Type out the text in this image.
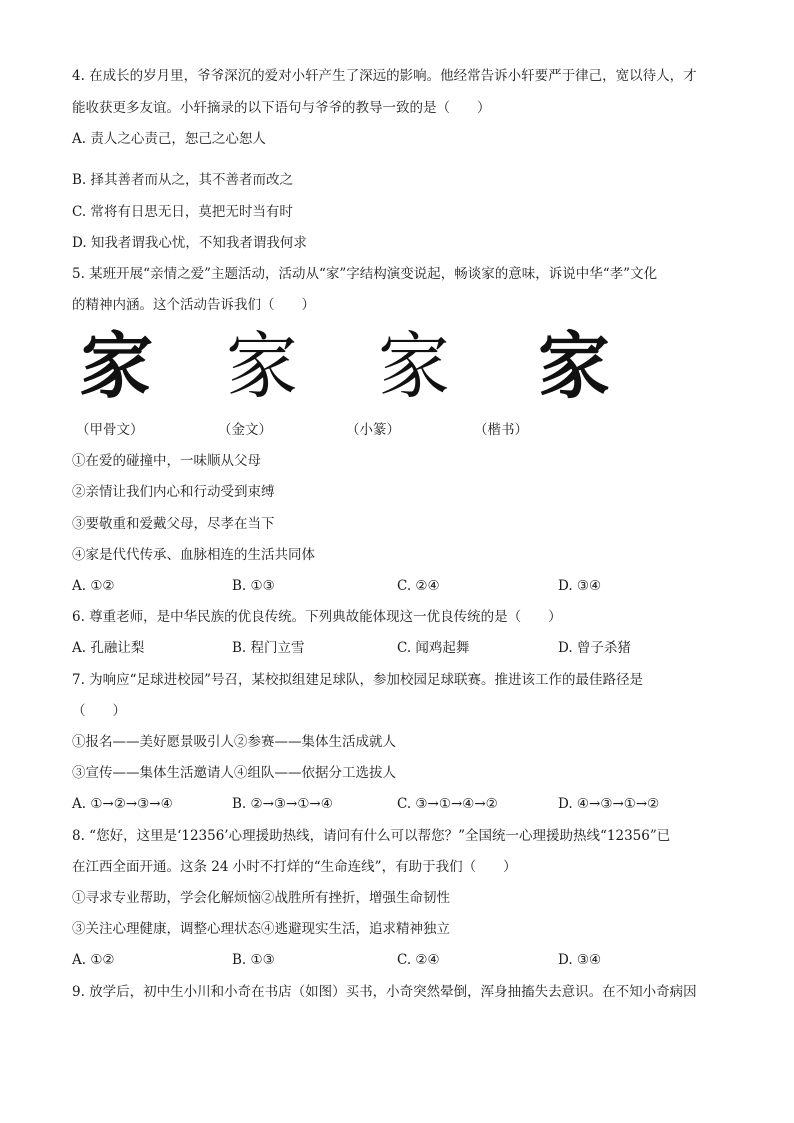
4. 在成长的岁月里，爷爷深沉的爱对小轩产生了深远的影响。他经常告诉小轩要严于律己，宽以待人，才
能收获更多友谊。小轩摘录的以下语句与爷爷的教导一致的是（　　）
A. 责人之心责己，恕己之心恕人
B. 择其善者而从之，其不善者而改之
C. 常将有日思无日，莫把无时当有时
D. 知我者谓我心忧，不知我者谓我何求
5. 某班开展“亲情之爱”主题活动，活动从“家”字结构演变说起，畅谈家的意味，诉说中华“孝”文化
的精神内涵。这个活动告诉我们（　　）
家 家 家 家
（甲骨文）	（金文）	（小篆）	（楷书）
①在爱的碰撞中，一味顺从父母
②亲情让我们内心和行动受到束缚
③要敬重和爱戴父母，尽孝在当下
④家是代代传承、血脉相连的生活共同体
A. ①②	B. ①③	C. ②④	D. ③④
6. 尊重老师，是中华民族的优良传统。下列典故能体现这一优良传统的是（　　）
A. 孔融让梨	B. 程门立雪	C. 闻鸡起舞	D. 曾子杀猪
7. 为响应“足球进校园”号召，某校拟组建足球队，参加校园足球联赛。推进该工作的最佳路径是
（　　）
①报名——美好愿景吸引人②参赛——集体生活成就人
③宣传——集体生活邀请人④组队——依据分工选拔人
A. ①→②→③→④	B. ②→③→①→④	C. ③→①→④→②	D. ④→③→①→②
8. “您好，这里是‘12356’心理援助热线，请问有什么可以帮您？”全国统一心理援助热线“12356”已
在江西全面开通。这条 24 小时不打烊的“生命连线”，有助于我们（　　）
①寻求专业帮助，学会化解烦恼②战胜所有挫折，增强生命韧性
③关注心理健康，调整心理状态④逃避现实生活，追求精神独立
A. ①②	B. ①③	C. ②④	D. ③④
9. 放学后，初中生小川和小奇在书店（如图）买书，小奇突然晕倒，浑身抽搐失去意识。在不知小奇病因
